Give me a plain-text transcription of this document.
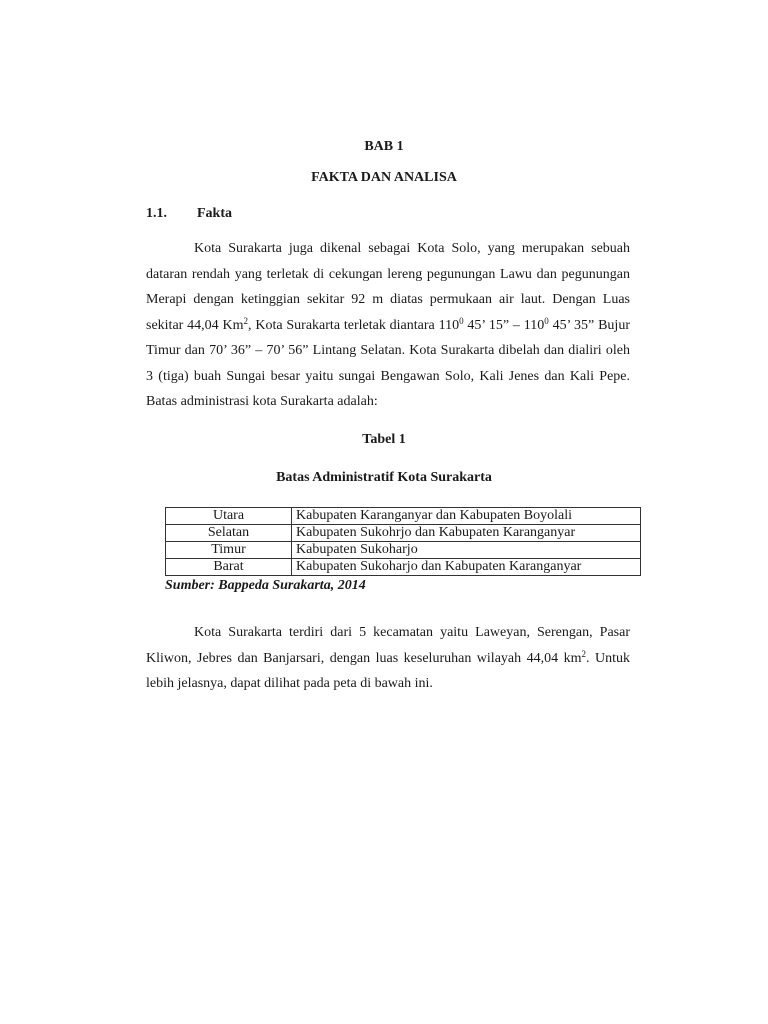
BAB 1
FAKTA DAN ANALISA
1.1. Fakta

Kota Surakarta juga dikenal sebagai Kota Solo, yang merupakan sebuah dataran rendah yang terletak di cekungan lereng pegunungan Lawu dan pegunungan Merapi dengan ketinggian sekitar 92 m diatas permukaan air laut. Dengan Luas sekitar 44,04 Km$^2$, Kota Surakarta terletak diantara $110^0$ 45’ 15” – $110^0$ 45’ 35” Bujur Timur dan 70’ 36” – 70’ 56” Lintang Selatan. Kota Surakarta dibelah dan dialiri oleh 3 (tiga) buah Sungai besar yaitu sungai Bengawan Solo, Kali Jenes dan Kali Pepe. Batas administrasi kota Surakarta adalah:

Tabel 1
Batas Administratif Kota Surakarta
Utara	Kabupaten Karanganyar dan Kabupaten Boyolali
Selatan	Kabupaten Sukohrjo dan Kabupaten Karanganyar
Timur	Kabupaten Sukoharjo
Barat	Kabupaten Sukoharjo dan Kabupaten Karanganyar

Sumber: Bappeda Surakarta, 2014

Kota Surakarta terdiri dari 5 kecamatan yaitu Laweyan, Serengan, Pasar Kliwon, Jebres dan Banjarsari, dengan luas keseluruhan wilayah 44,04 $km^2$. Untuk lebih jelasnya, dapat dilihat pada peta di bawah ini.
